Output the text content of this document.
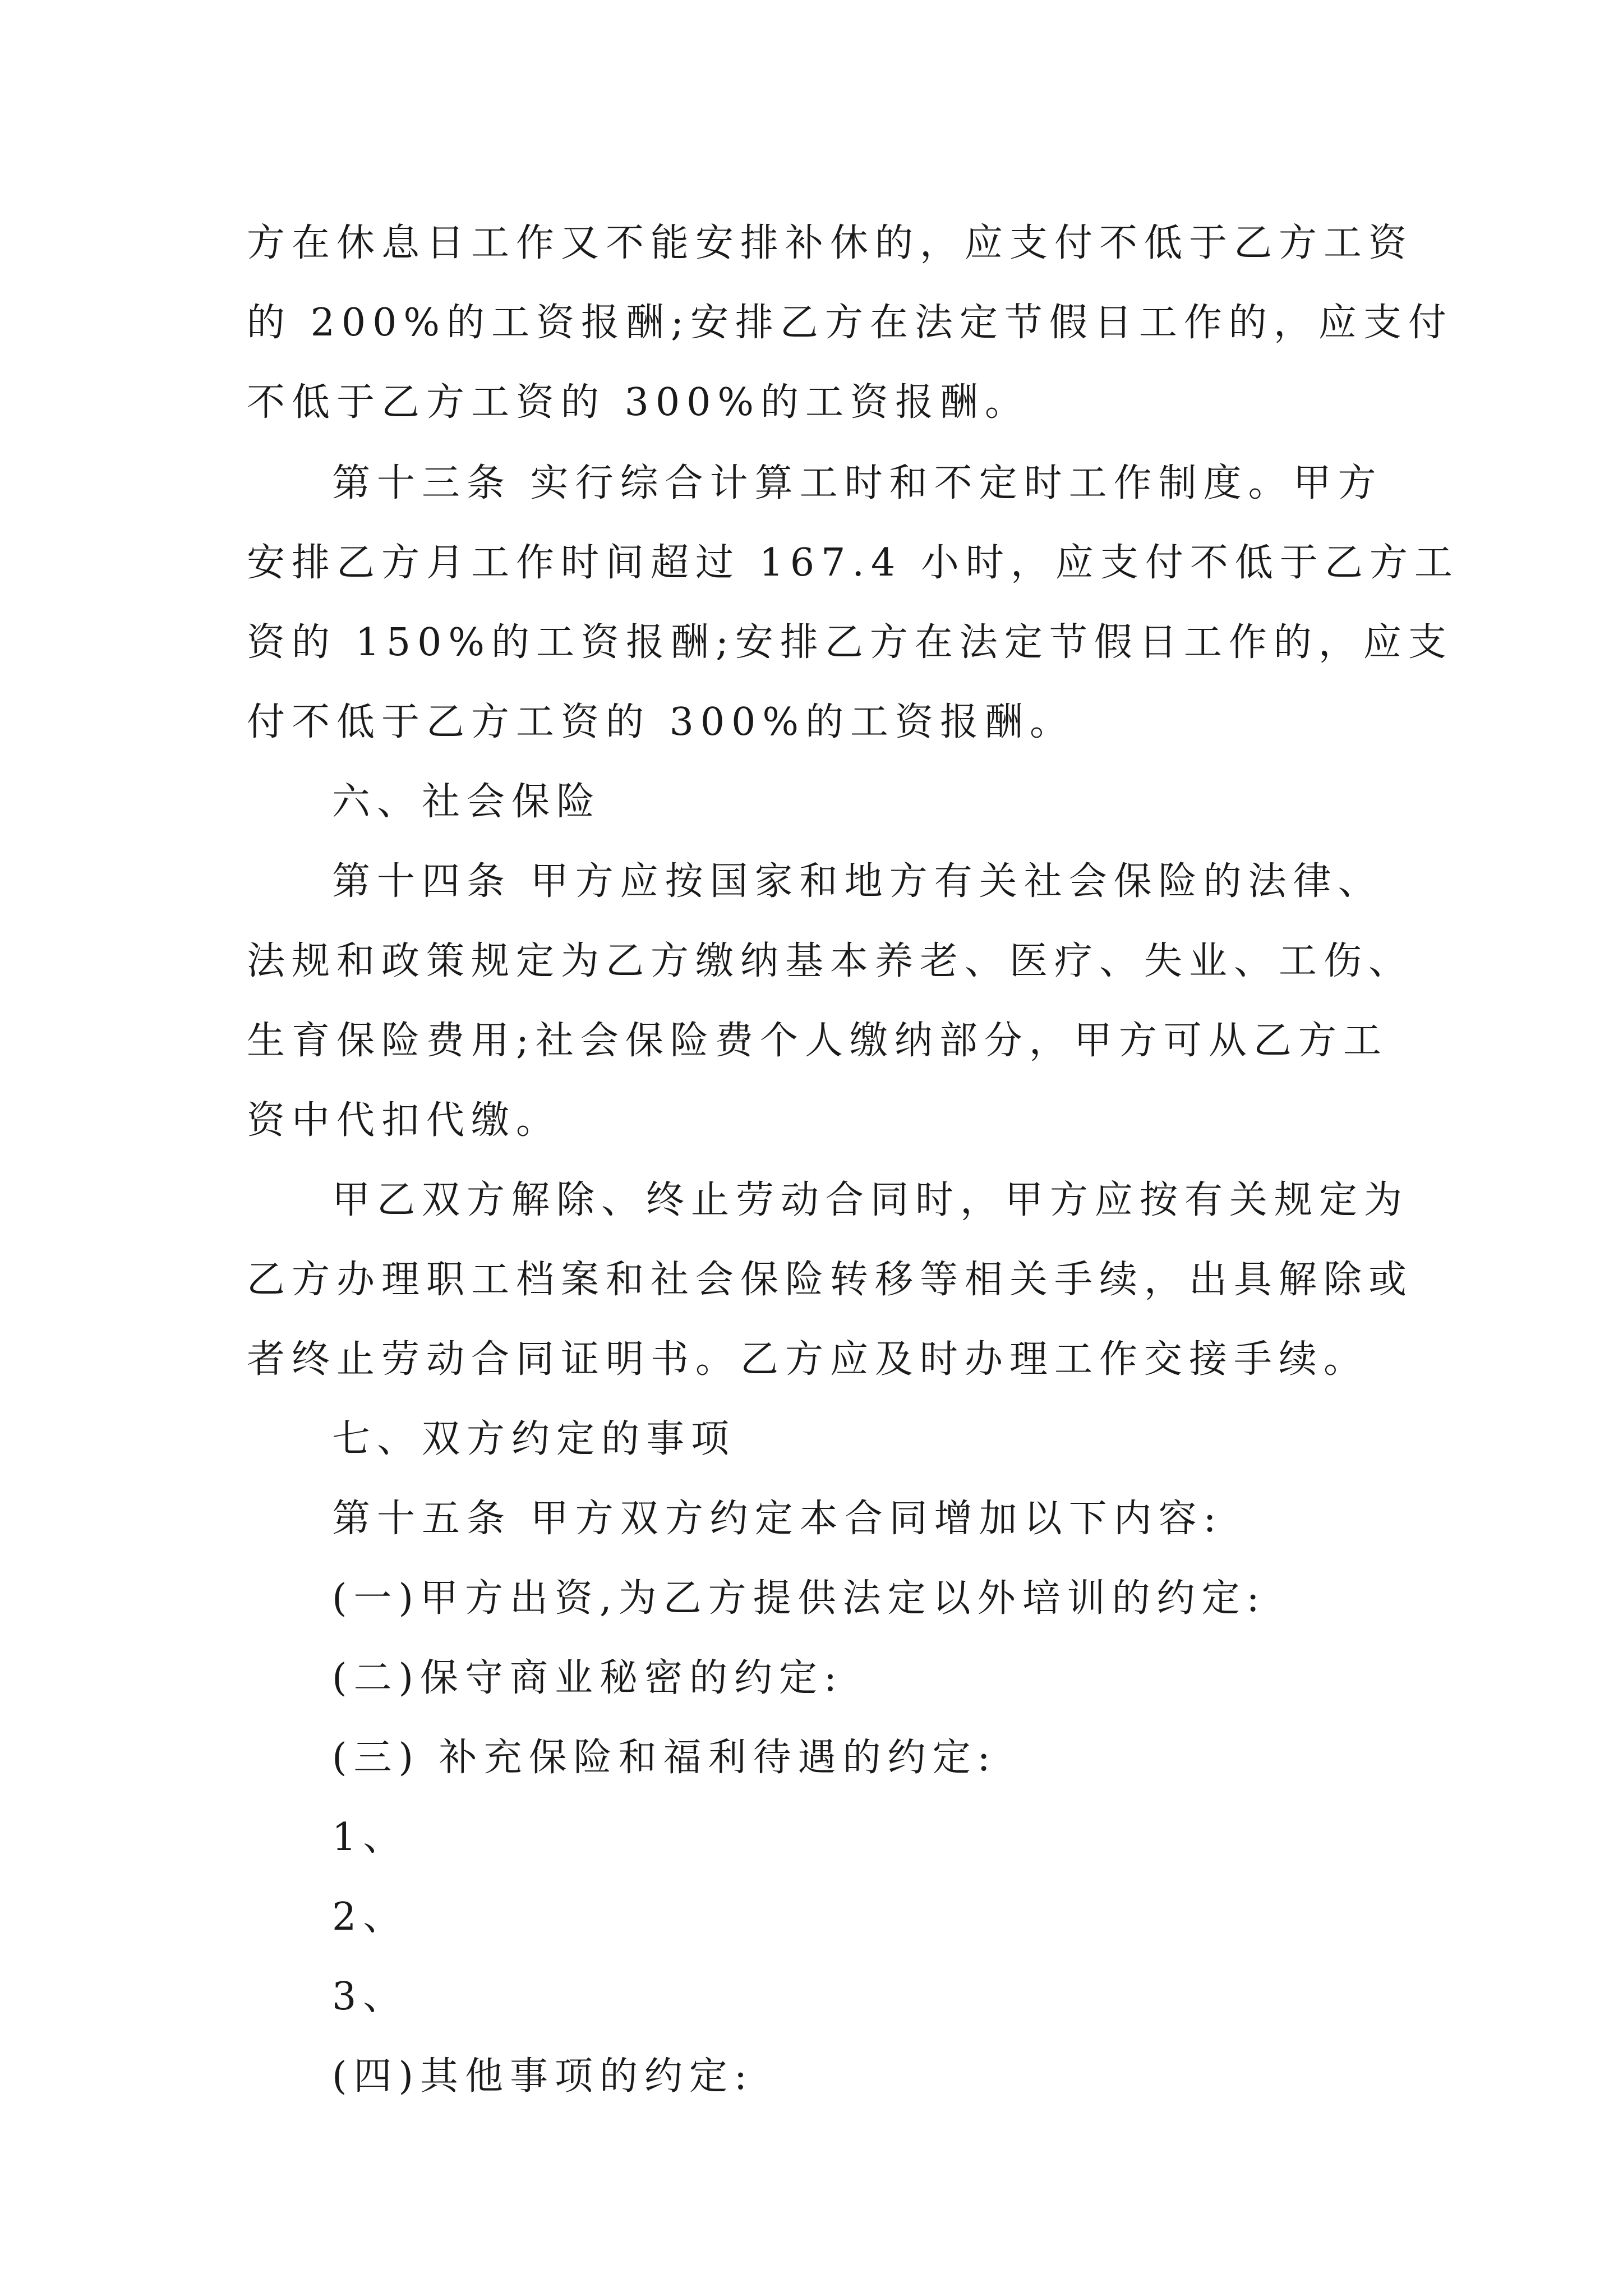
方在休息日工作又不能安排补休的，应支付不低于乙方工资

的 200%的工资报酬;安排乙方在法定节假日工作的，应支付

不低于乙方工资的 300%的工资报酬。

第十三条 实行综合计算工时和不定时工作制度。甲方

安排乙方月工作时间超过 167.4 小时，应支付不低于乙方工

资的 150%的工资报酬;安排乙方在法定节假日工作的，应支

付不低于乙方工资的 300%的工资报酬。

六、社会保险

第十四条 甲方应按国家和地方有关社会保险的法律、

法规和政策规定为乙方缴纳基本养老、医疗、失业、工伤、

生育保险费用;社会保险费个人缴纳部分，甲方可从乙方工

资中代扣代缴。

甲乙双方解除、终止劳动合同时，甲方应按有关规定为

乙方办理职工档案和社会保险转移等相关手续，出具解除或

者终止劳动合同证明书。乙方应及时办理工作交接手续。

七、双方约定的事项

第十五条 甲方双方约定本合同增加以下内容:

(一)甲方出资,为乙方提供法定以外培训的约定:

(二)保守商业秘密的约定:

(三) 补充保险和福利待遇的约定:

1、

2、

3、

(四)其他事项的约定:
